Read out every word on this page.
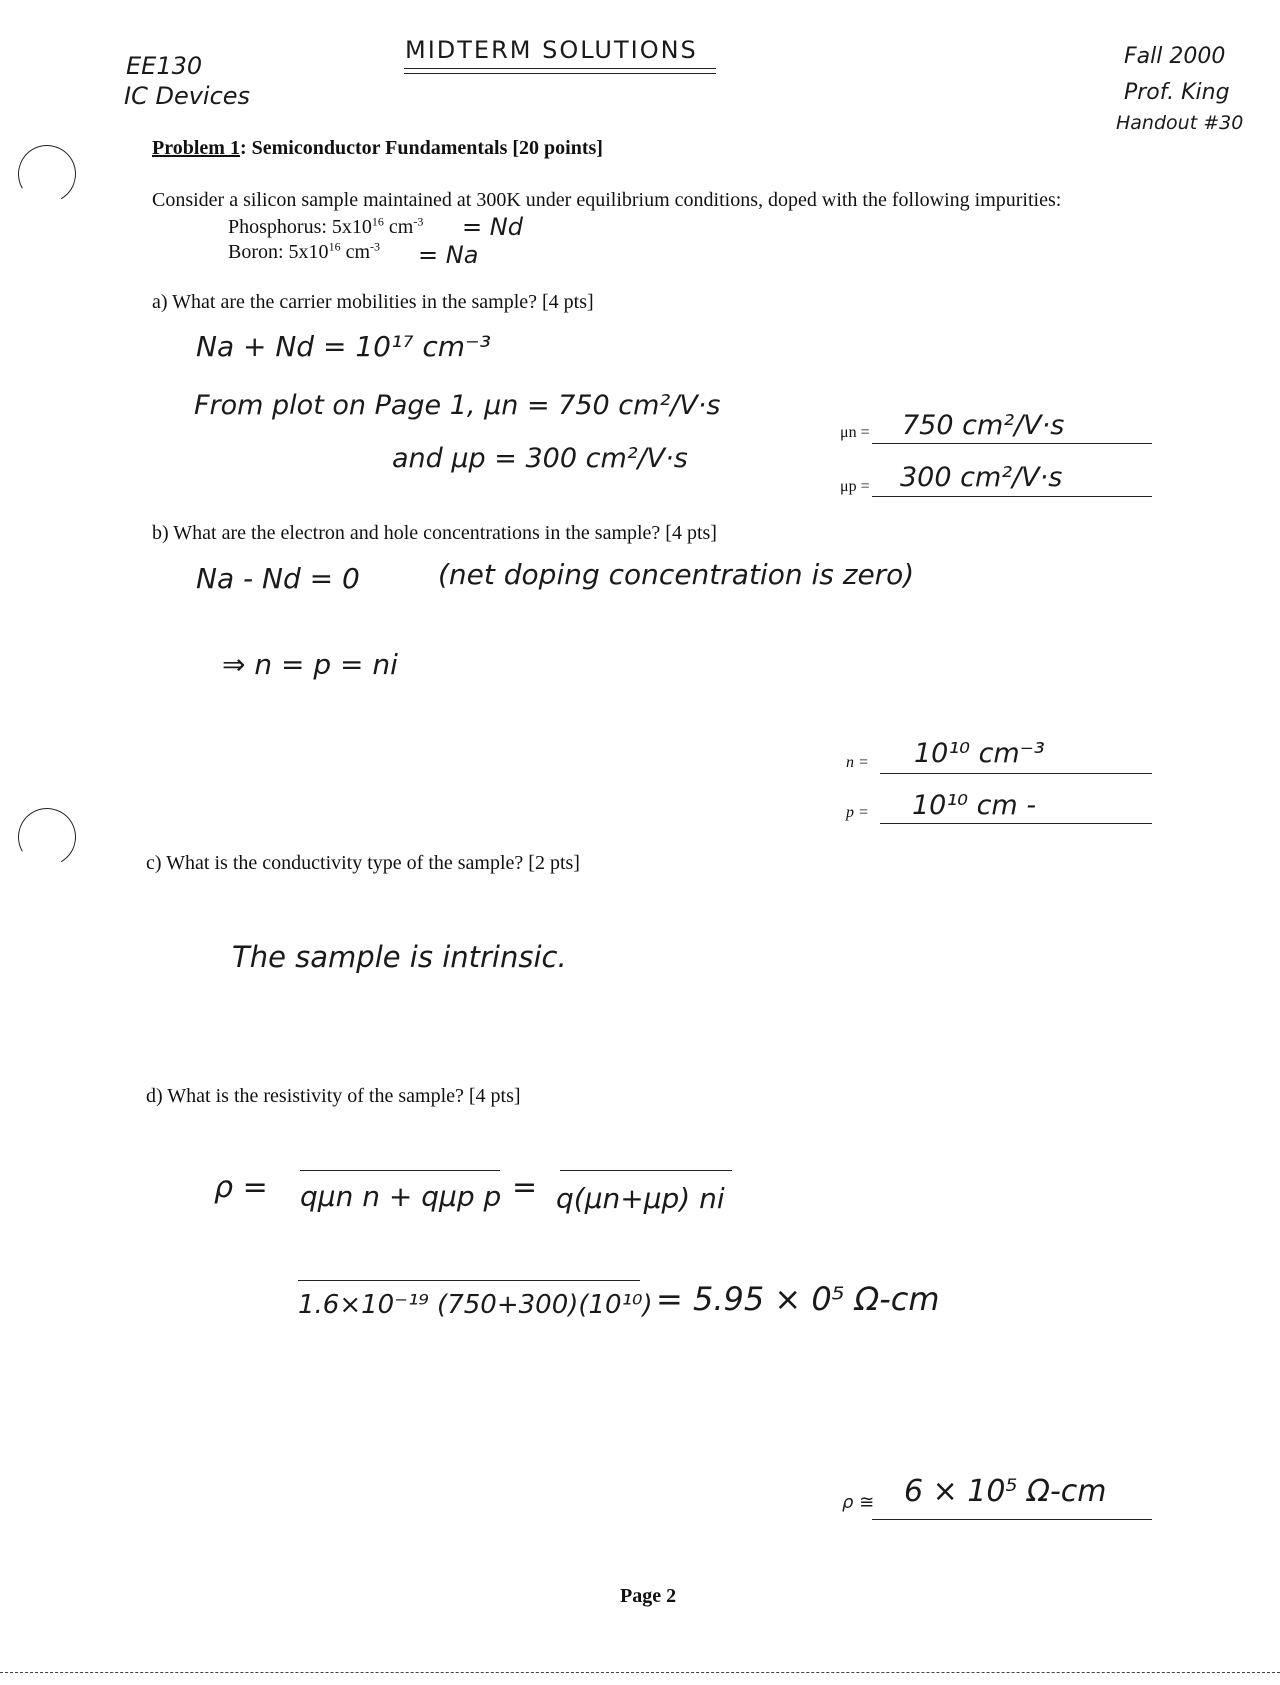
EE130
IC Devices
MIDTERM SOLUTIONS	Fall 2000
Prof. King
Handout #30
Problem 1: Semiconductor Fundamentals [20 points]
Consider a silicon sample maintained at 300K under equilibrium conditions, doped with the following impurities:
Phosphorus: $5x10^{16}$ $cm^{-3} = Nd$
Boron: $5x10^{16}$ $cm^{-3} = Na$
a) What are the carrier mobilities in the sample? [4 pts]
Na + Nd = 10¹⁷ cm⁻³
From plot on Page 1, μn = 750 cm²/V·s
and μp = 300 cm²/V·s
μn = 750 cm²/V·s
μp = 300 cm²/V·s
b) What are the electron and hole concentrations in the sample? [4 pts]
Na - Nd = 0	(net doping concentration is zero)
⇒ n = p = ni
n = 10¹⁰ cm⁻³
p = 10¹⁰ cm -
c) What is the conductivity type of the sample? [2 pts]
The sample is intrinsic.
d) What is the resistivity of the sample? [4 pts]
ρ = qμn n + qμp p = q(μn+μp) ni
1.6×10⁻¹⁹ (750+300)(10¹⁰) = 5.95 × 0⁵ Ω-cm
ρ ≅ 6 × 10⁵ Ω-cm
Page 2
